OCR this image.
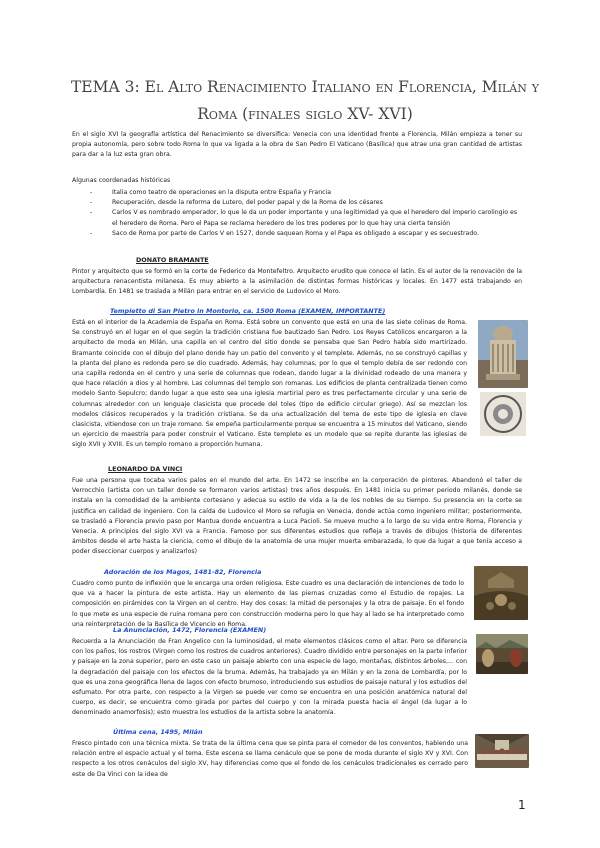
TEMA 3: El Alto Renacimiento Italiano en Florencia, Milán y Roma (finales siglo XV- XVI)
En el siglo XVI la geografía artística del Renacimiento se diversifica: Venecia con una identidad frente a Florencia, Milán empieza a tener su propia autonomía, pero sobre todo Roma lo que va ligada a la obra de San Pedro El Vaticano (Basílica) que atrae una gran cantidad de artistas para dar a la luz esta gran obra.
Algunas coordenadas históricas
- Italia como teatro de operaciones en la disputa entre España y Francia
- Recuperación, desde la reforma de Lutero, del poder papal y de la Roma de los césares
- Carlos V es nombrado emperador, lo que le da un poder importante y una legitimidad ya que el heredero del imperio carolingio es el heredero de Roma. Pero el Papa se reclama heredero de los tres poderes por lo que hay una cierta tensión
- Saco de Roma por parte de Carlos V en 1527, donde saquean Roma y el Papa es obligado a escapar y es secuestrado.
DONATO BRAMANTE
Pintor y arquitecto que se formó en la corte de Federico da Montefeltro. Arquitecto erudito que conoce el latín. Es el autor de la renovación de la arquitectura renacentista milanesa. Es muy abierto a la asimilación de distintas formas históricas y locales. En 1477 está trabajando en Lombardía. En 1481 se traslada a Milán para entrar en el servicio de Ludovico el Moro.
Tempietto di San Pietro in Montorio, ca. 1500 Roma (EXAMEN, IMPORTANTE)
Está en el interior de la Academia de España en Roma. Está sobre un convento que está en una de las siete colinas de Roma. Se construyó en el lugar en el que según la tradición cristiana fue bautizado San Pedro. Los Reyes Católicos encargaron a la arquitecto de moda en Milán, una capilla en el centro del sitio donde se pensaba que San Pedro había sido martirizado. Bramante coincide con el dibujo del plano donde hay un patio del convento y el templete. Además, no se construyó capillas y la planta del plano es redonda pero se dio cuadrado. Además, hay columnas, por lo que el templo debía de ser redondo con una capilla redonda en el centro y una serie de columnas que rodean, dando lugar a la divinidad rodeado de una manera y que hace relación a dios y al hombre. Las columnas del templo son romanas. Los edificios de planta centralizada tienen como modelo Santo Sepulcro; dando lugar a que esto sea una iglesia martirial pero es tres perfectamente circular y una serie de columnas alrededor con un lenguaje clasicista que procede del toles (tipo de edificio circular griego). Así se mezclan los modelos clásicos recuperados y la tradición cristiana. Se da una actualización del tema de este tipo de iglesia en clave clasicista, vitiendose con un traje romano. Se empeña particularmente porque se encuentra a 15 minutos del Vaticano, siendo un ejercicio de maestría para poder construir el Vaticano. Este templete es un modelo que se repite durante las iglesias de siglo XVII y XVIII. Es un templo romano a proporción humana.
LEONARDO DA VINCI
Fue una persona que tocaba varios palos en el mundo del arte. En 1472 se inscribe en la corporación de pintores. Abandonó el taller de Verrocchio (artista con un taller donde se formaron varios artistas) tres años después. En 1481 inicia su primer periodo milanés, donde se instala en la comodidad de la ambiente cortesano y adecua su estilo de vida a la de los nobles de su tiempo. Su presencia en la corte se justifica en calidad de ingeniero. Con la caída de Ludovico el Moro se refugia en Venecia, donde actúa como ingeniero militar; posteriormente, se trasladó a Florencia previo paso por Mantua donde encuentra a Luca Pacioli. Se mueve mucho a lo largo de su vida entre Roma, Florencia y Venecia. A principios del siglo XVI va a Francia. Famoso por sus diferentes estudios que refleja a través de dibujos (historia de diferentes ámbitos desde el arte hasta la ciencia, como el dibujo de la anatomía de una mujer muerta embarazada, lo que da lugar a que tenía acceso a poder diseccionar cuerpos y analizarlos)
Adoración de los Magos, 1481-82, Florencia
Cuadro como punto de inflexión que le encarga una orden religiosa. Este cuadro es una declaración de intenciones de todo lo que va a hacer la pintura de este artista. Hay un elemento de las piernas cruzadas como el Estudio de ropajes. La composición en pirámides con la Virgen en el centro. Hay dos cosas: la mitad de personajes y la otra de paisaje. En el fondo lo que mete es una especie de ruina romana pero con construcción moderna pero lo que hay al lado se ha interpretado como una reinterpretación de la Basílica de Vicencio en Roma.
La Anunciación, 1472, Florencia (EXAMEN)
Recuerda a la Anunciación de Fran Angelico con la luminosidad, el mete elementos clásicos como el altar. Pero se diferencia con los paños, los rostros (Virgen como los rostros de cuadros anteriores). Cuadro dividido entre personajes en la parte inferior y paisaje en la zona superior, pero en este caso un paisaje abierto con una especie de lago, montañas, distintos árboles,... con la degradación del paisaje con los efectos de la bruma. Además, ha trabajado ya en Milán y en la zona de Lombardía, por lo que es una zona geográfica llena de lagos con efecto brumoso, introduciendo sus estudios de paisaje natural y los estudios del esfumato. Por otra parte, con respecto a la Virgen se puede ver como se encuentra en una posición anatómica natural del cuerpo, es decir, se encuentra como girada por partes del cuerpo y con la mirada puesta hacia el ángel (da lugar a lo denominado anamorfosis); esto muestra los estudios de la artista sobre la anatomía.
Última cena, 1495, Milán
Fresco pintado con una técnica mixta. Se trata de la última cena que se pinta para el comedor de los conventos, habiendo una relación entre el espacio actual y el tema. Este escena se llama cenáculo que se pone de moda durante el siglo XV y XVI. Con respecto a los otros cenáculos del siglo XV, hay diferencias como que el fondo de los cenáculos tradicionales es cerrado pero este de Da Vinci con la idea de
1
